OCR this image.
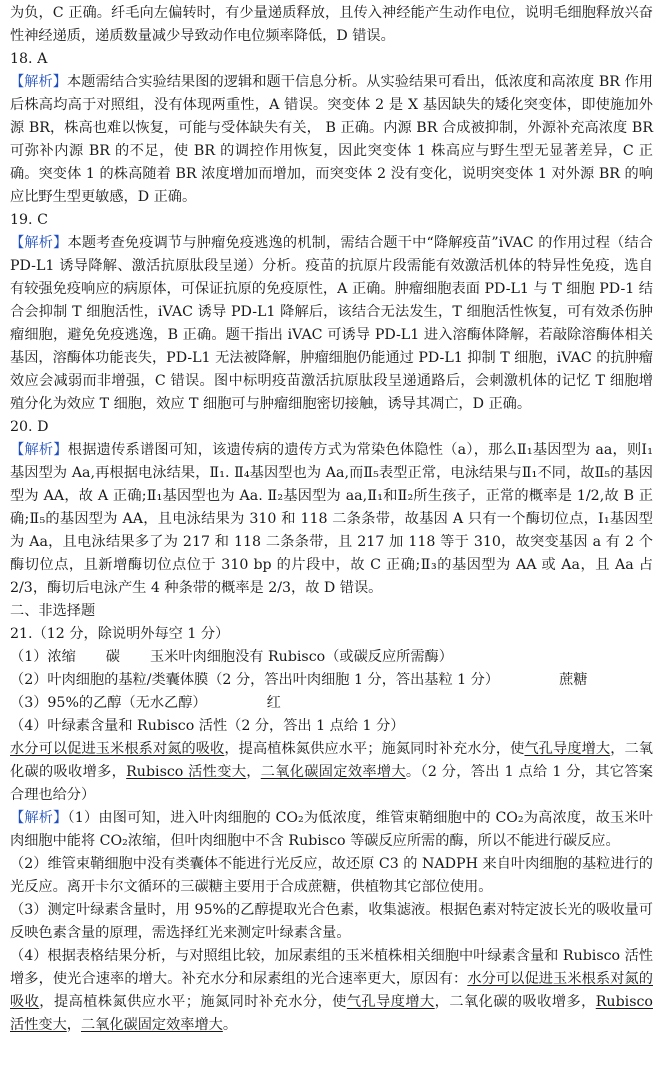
为负，C 正确。纤毛向左偏转时，有少量递质释放，且传入神经能产生动作电位，说明毛细胞释放兴奋性神经递质，递质数量减少导致动作电位频率降低，D 错误。

18. A

【解析】本题需结合实验结果图的逻辑和题干信息分析。从实验结果可看出，低浓度和高浓度 BR 作用后株高均高于对照组，没有体现两重性，A 错误。突变体 2 是 X 基因缺失的矮化突变体，即使施加外源 BR，株高也难以恢复，可能与受体缺失有关， B 正确。内源 BR 合成被抑制，外源补充高浓度 BR 可弥补内源 BR 的不足，使 BR 的调控作用恢复，因此突变体 1 株高应与野生型无显著差异，C 正确。突变体 1 的株高随着 BR 浓度增加而增加，而突变体 2 没有变化，说明突变体 1 对外源 BR 的响应比野生型更敏感，D 正确。

19. C

【解析】本题考查免疫调节与肿瘤免疫逃逸的机制，需结合题干中“降解疫苗”iVAC 的作用过程（结合 PD-L1 诱导降解、激活抗原肽段呈递）分析。疫苗的抗原片段需能有效激活机体的特异性免疫，选自有较强免疫响应的病原体，可保证抗原的免疫原性，A 正确。肿瘤细胞表面 PD-L1 与 T 细胞 PD-1 结合会抑制 T 细胞活性，iVAC 诱导 PD-L1 降解后，该结合无法发生，T 细胞活性恢复，可有效杀伤肿瘤细胞，避免免疫逃逸，B 正确。题干指出 iVAC 可诱导 PD-L1 进入溶酶体降解，若敲除溶酶体相关基因，溶酶体功能丧失，PD-L1 无法被降解，肿瘤细胞仍能通过 PD-L1 抑制 T 细胞，iVAC 的抗肿瘤效应会减弱而非增强，C 错误。图中标明疫苗激活抗原肽段呈递通路后，会刺激机体的记忆 T 细胞增殖分化为效应 T 细胞，效应 T 细胞可与肿瘤细胞密切接触，诱导其凋亡，D 正确。

20. D

【解析】根据遗传系谱图可知，该遗传病的遗传方式为常染色体隐性（a），那么Ⅱ₁基因型为 aa，则Ⅰ₁基因型为 Aa,再根据电泳结果，Ⅱ₁. Ⅱ₄基因型也为 Aa,而Ⅱ₅表型正常，电泳结果与Ⅱ₁不同，故Ⅱ₅的基因型为 AA，故 A 正确;Ⅱ₁基因型也为 Aa. Ⅱ₂基因型为 aa,Ⅱ₁和Ⅱ₂所生孩子，正常的概率是 1/2,故 B 正确;Ⅱ₅的基因型为 AA，且电泳结果为 310 和 118 二条条带，故基因 A 只有一个酶切位点，Ⅰ₁基因型为 Aa，且电泳结果多了为 217 和 118 二条条带，且 217 加 118 等于 310，故突变基因 a 有 2 个酶切位点，且新增酶切位点位于 310 bp 的片段中，故 C 正确;Ⅱ₃的基因型为 AA 或 Aa，且 Aa 占 2/3，酶切后电泳产生 4 种条带的概率是 2/3，故 D 错误。

二、非选择题

21.（12 分，除说明外每空 1 分）

（1）浓缩 碳 玉米叶肉细胞没有 Rubisco（或碳反应所需酶）

（2）叶肉细胞的基粒/类囊体膜（2 分，答出叶肉细胞 1 分，答出基粒 1 分）	蔗糖

（3）95%的乙醇（无水乙醇）	红

（4）叶绿素含量和 Rubisco 活性（2 分，答出 1 点给 1 分）

水分可以促进玉米根系对氮的吸收，提高植株氮供应水平；施氮同时补充水分，使气孔导度增大，二氧化碳的吸收增多，Rubisco 活性变大，二氧化碳固定效率增大。（2 分，答出 1 点给 1 分，其它答案合理也给分）

【解析】（1）由图可知，进入叶肉细胞的 CO₂为低浓度，维管束鞘细胞中的 CO₂为高浓度，故玉米叶肉细胞中能将 CO₂浓缩，但叶肉细胞中不含 Rubisco 等碳反应所需的酶，所以不能进行碳反应。

（2）维管束鞘细胞中没有类囊体不能进行光反应，故还原 C3 的 NADPH 来自叶肉细胞的基粒进行的光反应。离开卡尔文循环的三碳糖主要用于合成蔗糖，供植物其它部位使用。

（3）测定叶绿素含量时，用 95%的乙醇提取光合色素，收集滤液。根据色素对特定波长光的吸收量可反映色素含量的原理，需选择红光来测定叶绿素含量。

（4）根据表格结果分析，与对照组比较，加尿素组的玉米植株相关细胞中叶绿素含量和 Rubisco 活性增多，使光合速率的增大。补充水分和尿素组的光合速率更大，原因有：水分可以促进玉米根系对氮的吸收，提高植株氮供应水平；施氮同时补充水分，使气孔导度增大，二氧化碳的吸收增多，Rubisco 活性变大，二氧化碳固定效率增大。
